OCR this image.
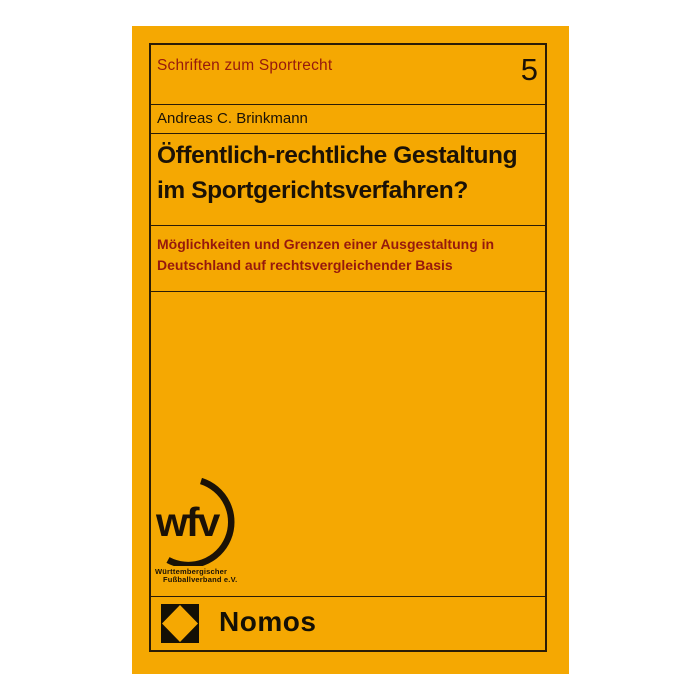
Schriften zum Sportrecht	5
Andreas C. Brinkmann
Öffentlich-rechtliche Gestaltung
im Sportgerichtsverfahren?
Möglichkeiten und Grenzen einer Ausgestaltung in
Deutschland auf rechtsvergleichender Basis
wfv
Württembergischer
Fußballverband e.V.
Nomos
